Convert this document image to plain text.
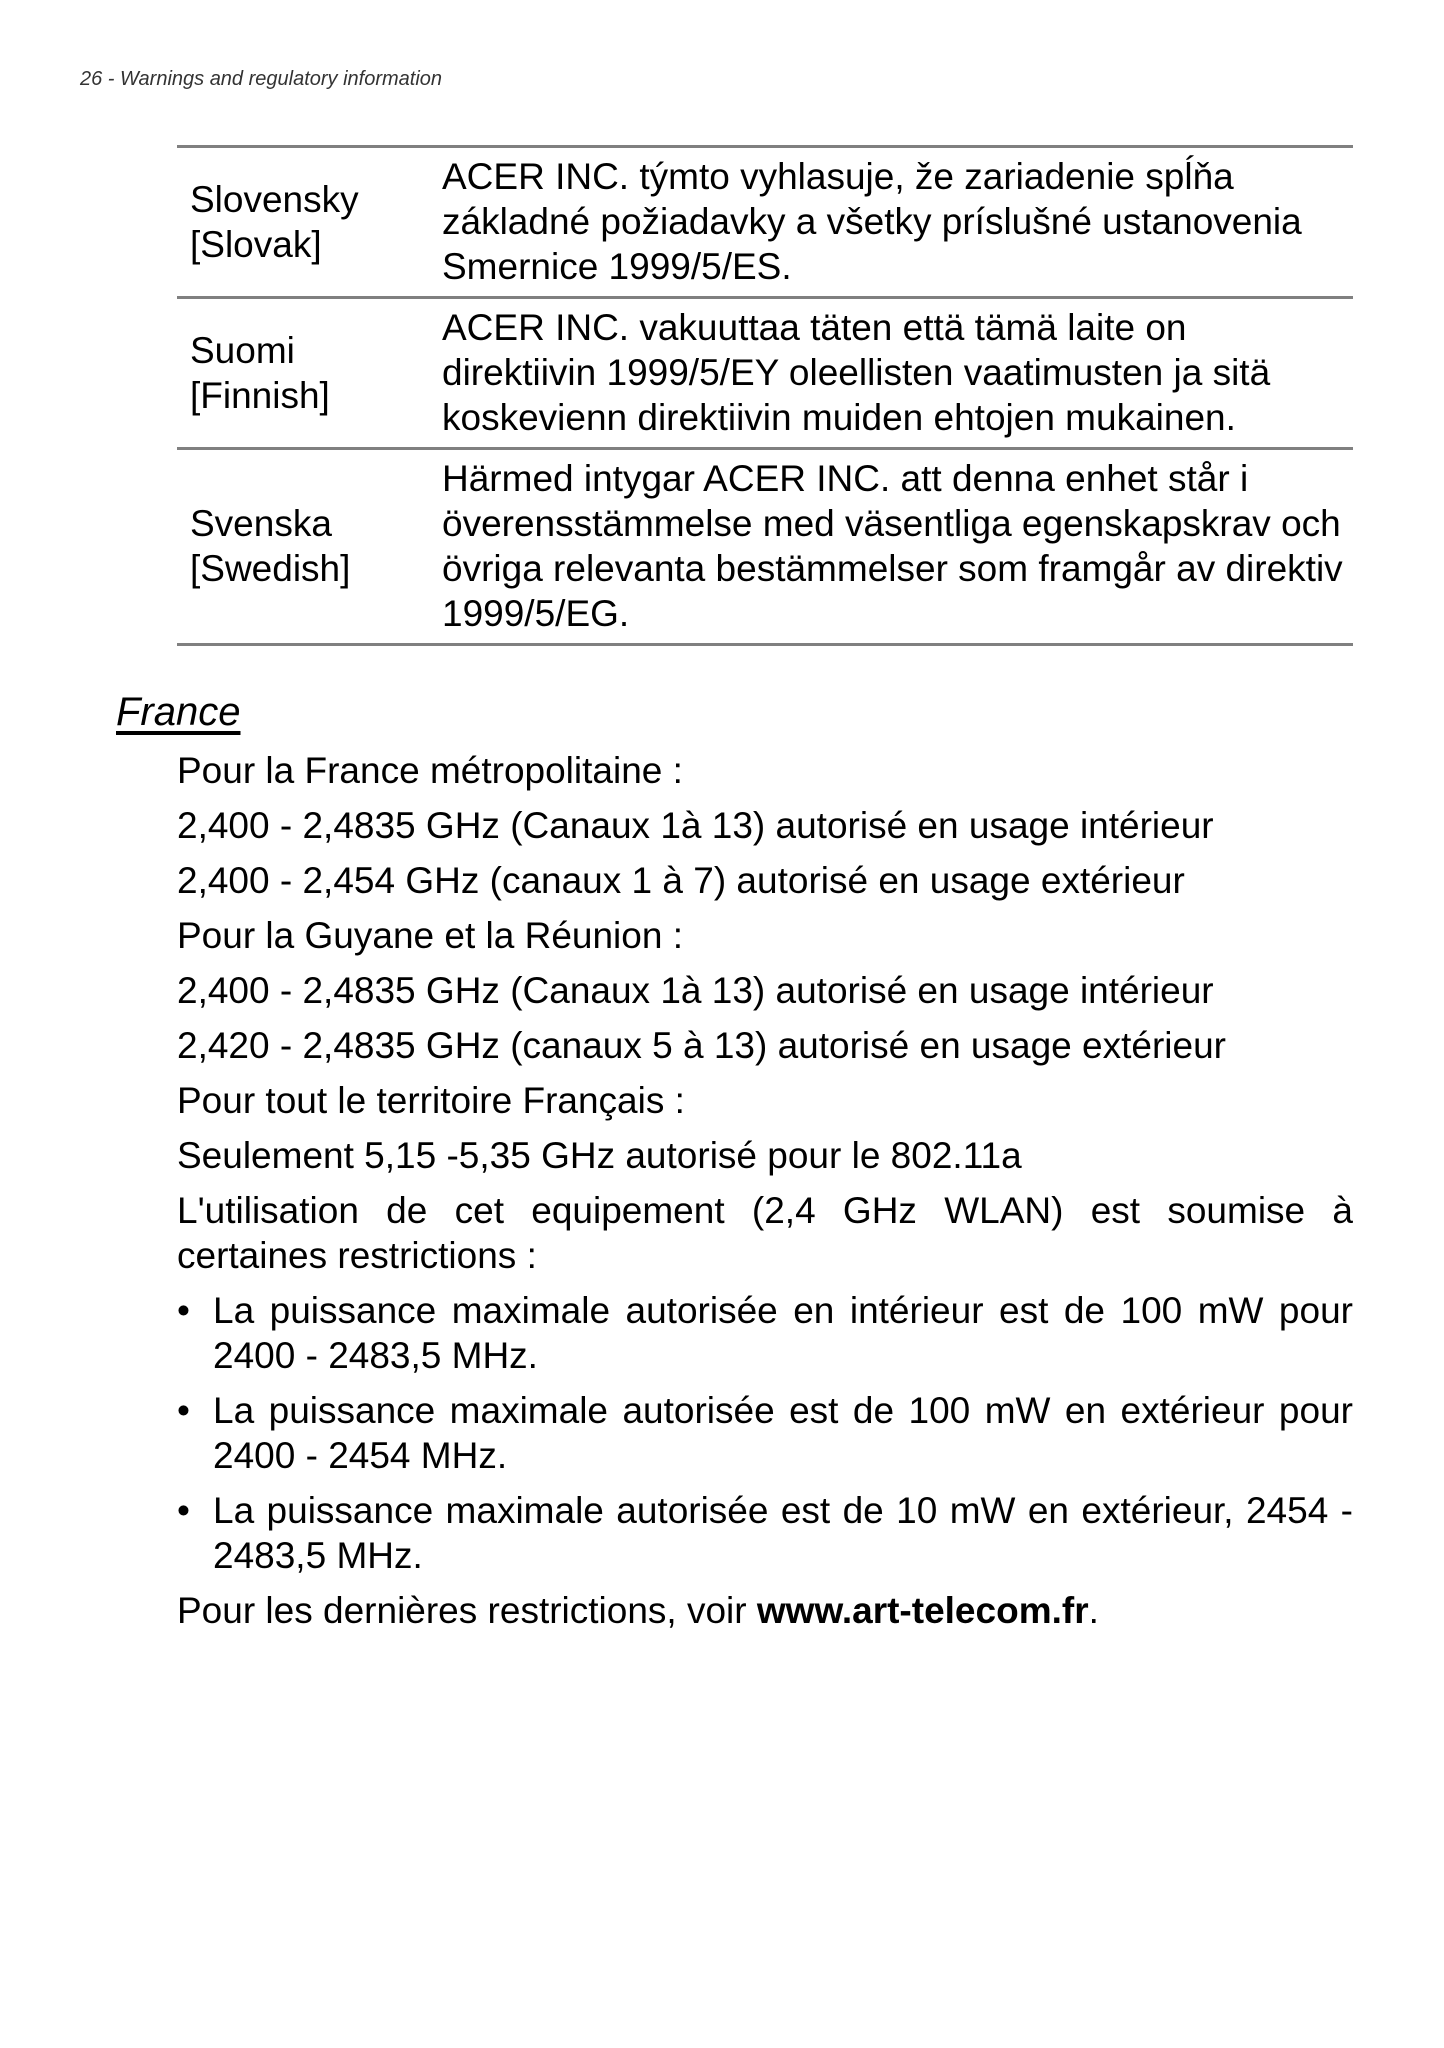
26 - Warnings and regulatory information

Slovensky
[Slovak]	ACER INC. týmto vyhlasuje, že zariadenie spĺňa základné požiadavky a všetky príslušné ustanovenia Smernice 1999/5/ES.
Suomi
[Finnish]	ACER INC. vakuuttaa täten että tämä laite on direktiivin 1999/5/EY oleellisten vaatimusten ja sitä koskevienn direktiivin muiden ehtojen mukainen.
Svenska
[Swedish]	Härmed intygar ACER INC. att denna enhet står i överensstämmelse med väsentliga egenskapskrav och övriga relevanta bestämmelser som framgår av direktiv 1999/5/EG.
France

Pour la France métropolitaine :

2,400 - 2,4835 GHz (Canaux 1à 13) autorisé en usage intérieur

2,400 - 2,454 GHz (canaux 1 à 7) autorisé en usage extérieur

Pour la Guyane et la Réunion :

2,400 - 2,4835 GHz (Canaux 1à 13) autorisé en usage intérieur

2,420 - 2,4835 GHz (canaux 5 à 13) autorisé en usage extérieur

Pour tout le territoire Français :

Seulement 5,15 -5,35 GHz autorisé pour le 802.11a

L'utilisation de cet equipement (2,4 GHz WLAN) est soumise à certaines restrictions :

• La puissance maximale autorisée en intérieur est de 100 mW pour 2400 - 2483,5 MHz.
• La puissance maximale autorisée est de 100 mW en extérieur pour 2400 - 2454 MHz.
• La puissance maximale autorisée est de 10 mW en extérieur, 2454 - 2483,5 MHz.

Pour les dernières restrictions, voir www.art-telecom.fr.
